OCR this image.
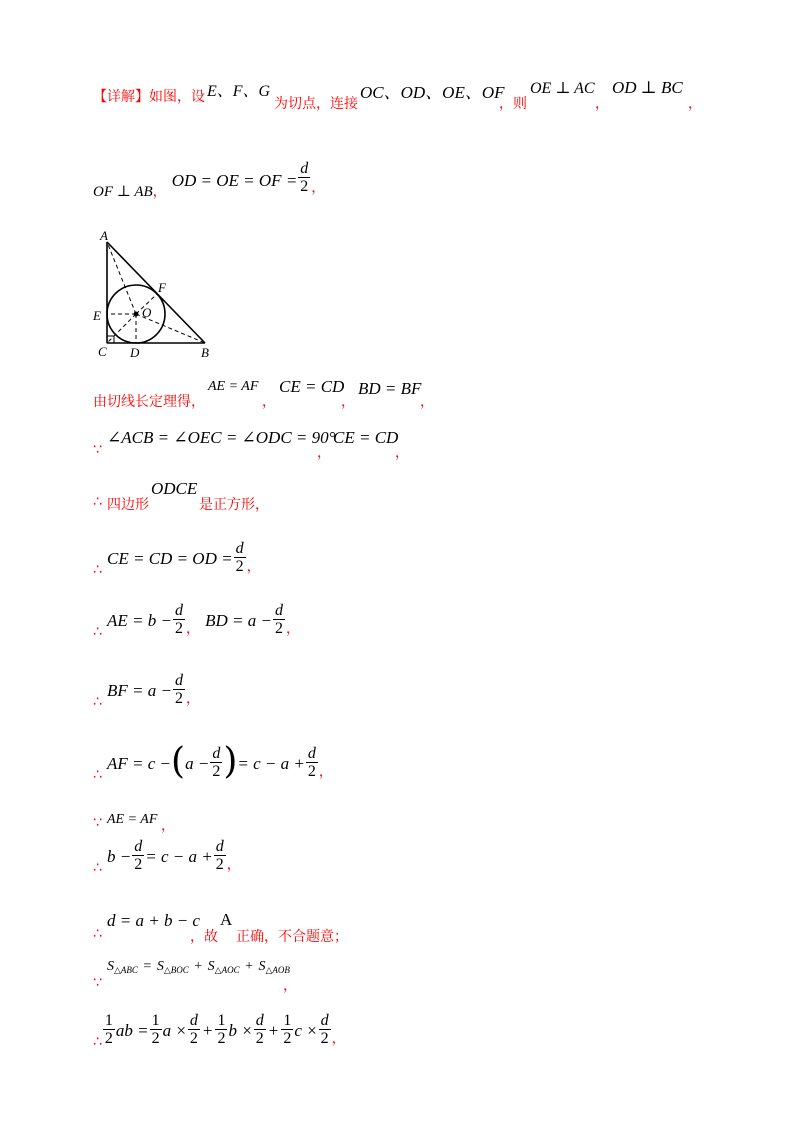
【详解】如图，设 E、F、G
为切点，连接
OC、OD、OE、OF
，则
OE ⊥ AC
，
OD ⊥ BC
，
OF ⊥ AB， OD = OE = OF = $\frac{d}{2}$ ，
A
F
E	O
C D	B
由切线长定理得，
AE = AF
，
CE = CD
，
BD = BF
，
∵
∠ACB = ∠OEC = ∠ODC = 90°
，
CE = CD
，
∴ 四边形
ODCE
是正方形，
∴ CE = CD = OD = $\frac{d}{2}$ ，
∴ AE = $b - \frac{d}{2}$ ， BD = $a - \frac{d}{2}$ ，
∴ BF = $a - \frac{d}{2}$ ，
∴ AF = $c -(a - \frac{d}{2}$ )= $c - a + \frac{d}{2}$ ，
∵ AE = AF ，
∴ $b - \frac{d}{2} = c - a + \frac{d}{2}$ ，
∴
d = a + b − c
，故
A
正确，不合题意；
∵
$S_{\triangle ABC} = S_{\triangle BOC} + S_{\triangle AOC} + S_{\triangle AOB}$
，
∴ $\frac{1}{2}$ ab = $\frac{1}{2}$ $a \times \frac{d}{2} + \frac{1}{2}$ $b \times \frac{d}{2} + \frac{1}{2}$ $c \times \frac{d}{2}$ ，
